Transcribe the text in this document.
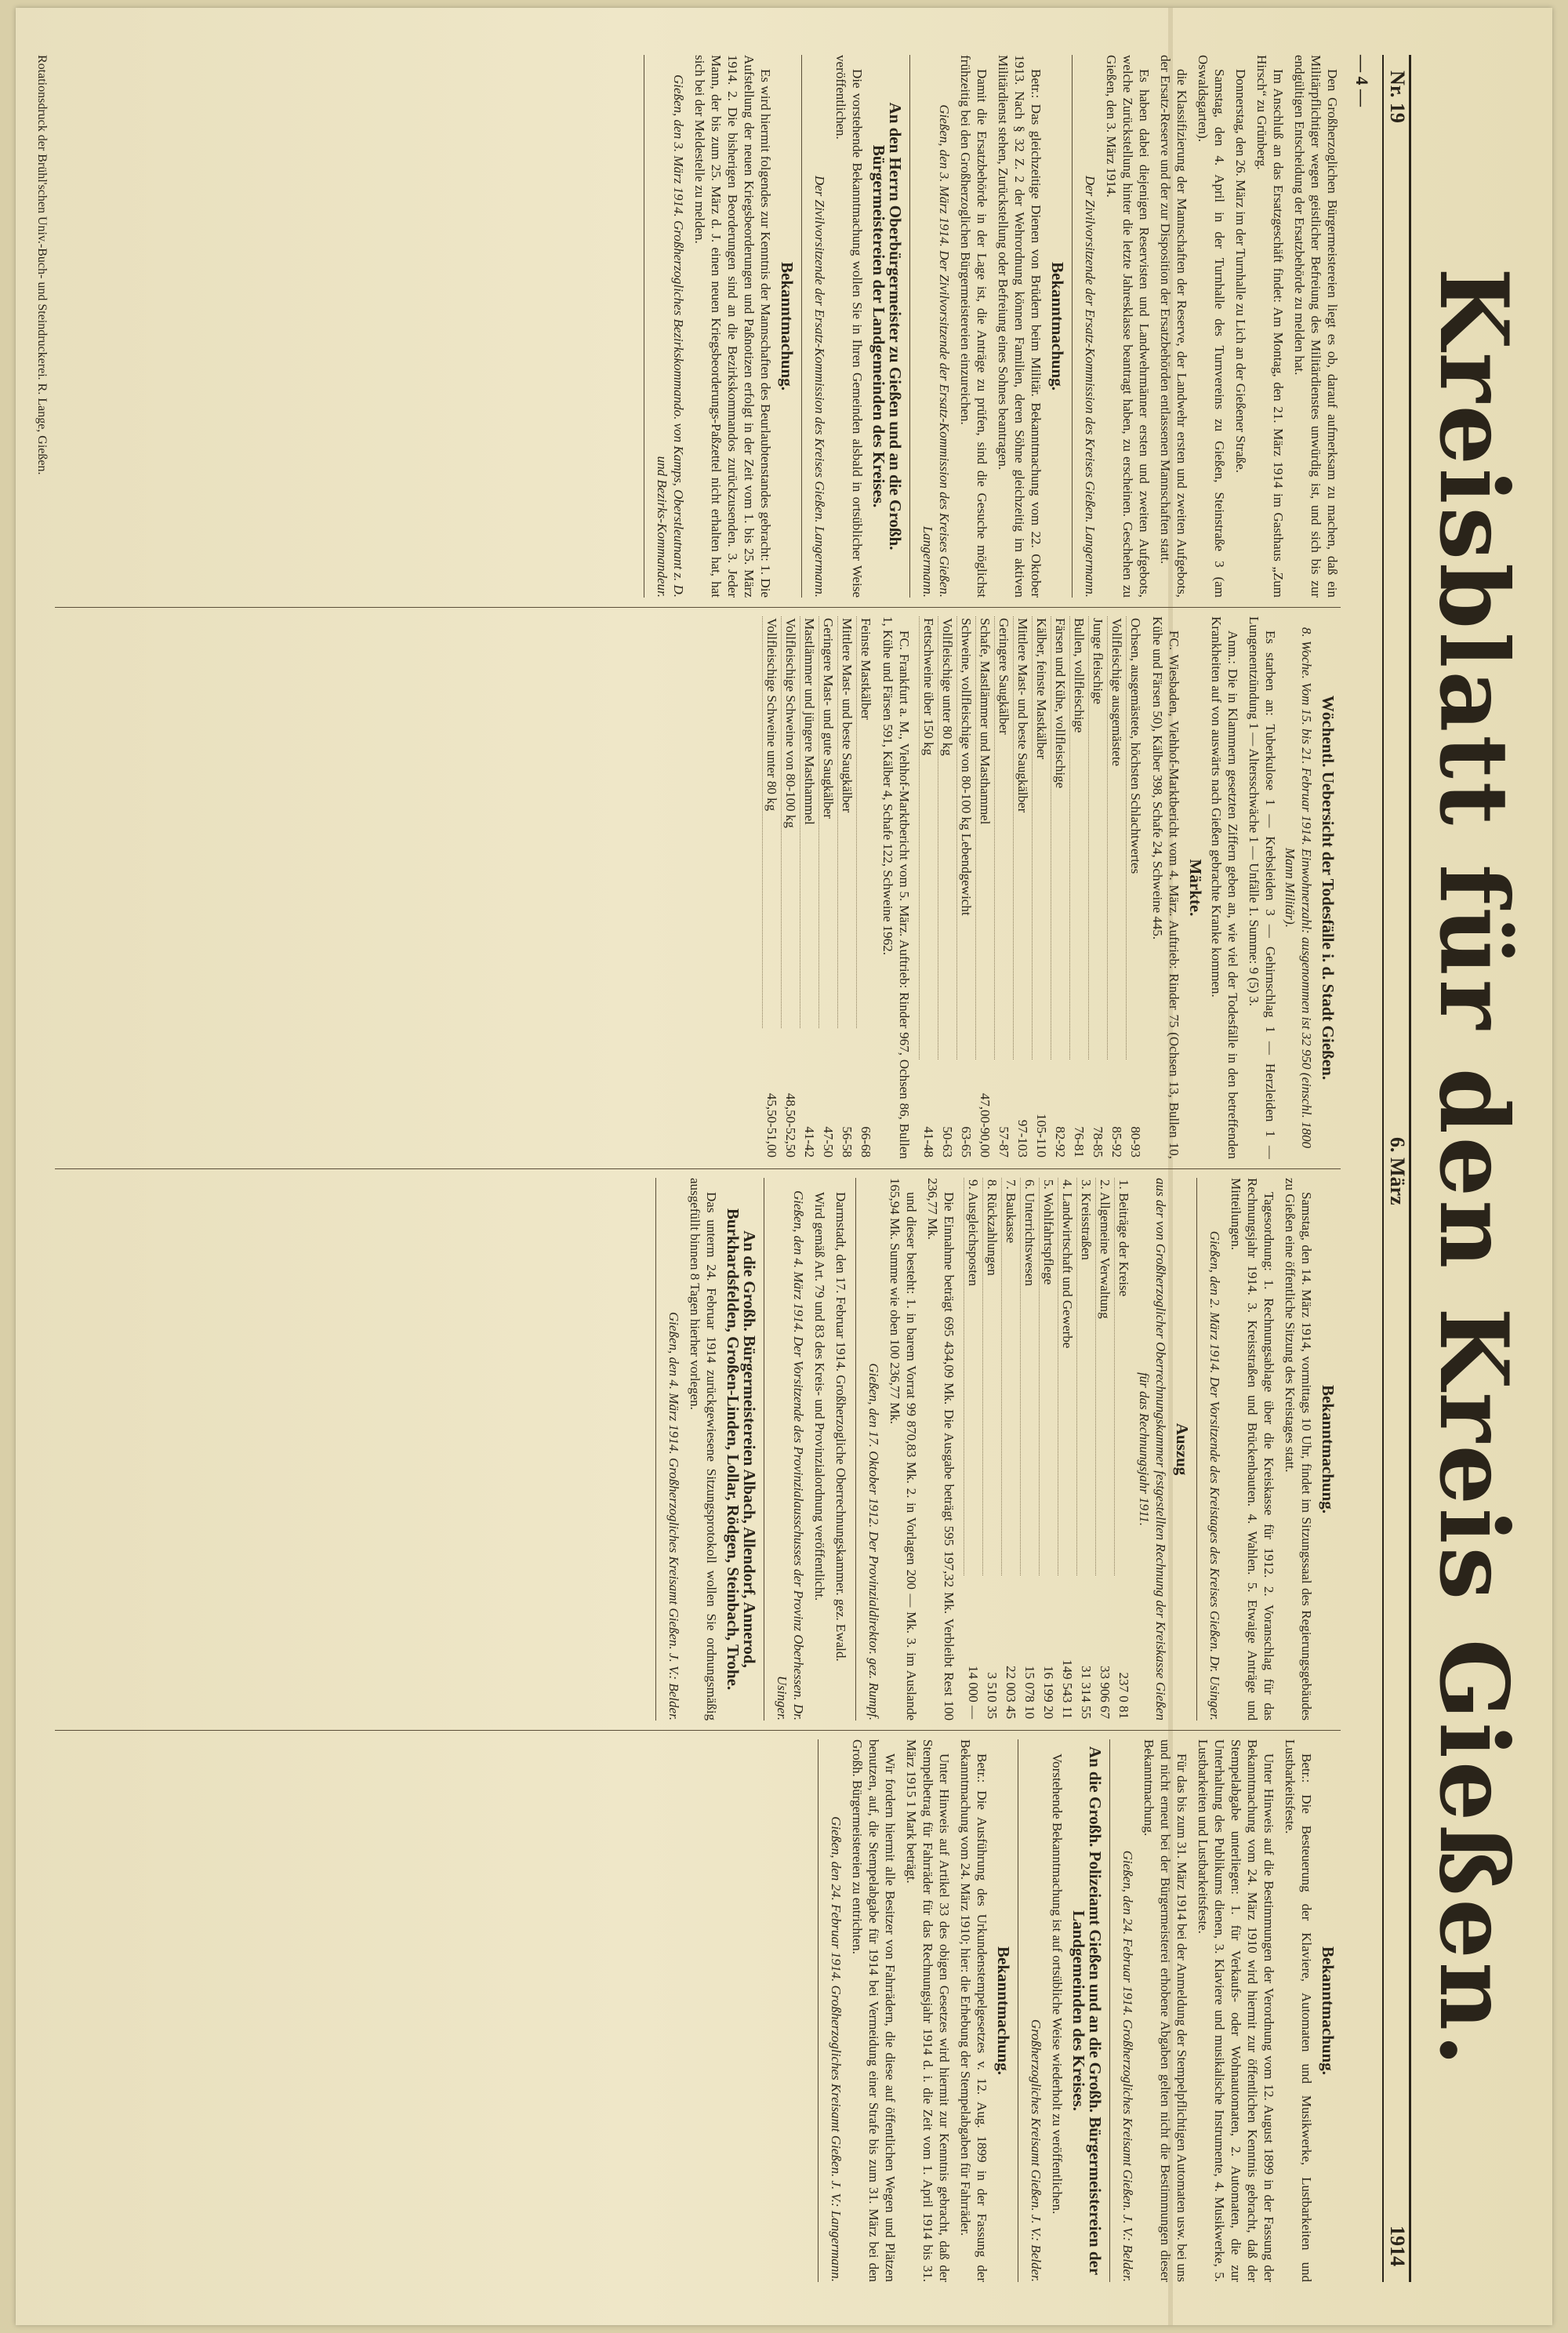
Kreisblatt für den Kreis Gießen.
Nr. 19
6. März
1914
— 4 —
Den Großherzoglichen Bürgermeistereien liegt es ob, darauf aufmerksam zu machen, daß ein Militärpflichtiger wegen geistlicher Befreiung des Militärdienstes unwürdig ist, und sich bis zur endgültigen Entscheidung der Ersatzbehörde zu melden hat.
Im Anschluß an das Ersatzgeschäft findet: Am Montag, den 21. März 1914 im Gasthaus „Zum Hirsch“ zu Grünberg.
Donnerstag, den 26. März im der Turnhalle zu Lich an der Gießener Straße.
Samstag, den 4. April in der Turnhalle des Turnvereins zu Gießen, Steinstraße 3 (am Oswaldsgarten).
die Klassifizierung der Mannschaften der Reserve, der Landwehr ersten und zweiten Aufgebots, der Ersatz-Reserve und der zur Disposition der Ersatzbehörden entlassenen Mannschaften statt.
Es haben dabei diejenigen Reservisten und Landwehrmänner ersten und zweiten Aufgebots, welche Zurückstellung hinter die letzte Jahresklasse beantragt haben, zu erscheinen. Geschehen zu Gießen, den 3. März 1914.
Der Zivilvorsitzende der Ersatz-Kommission des Kreises Gießen. Langermann.
Bekanntmachung.
Betr.: Das gleichzeitige Dienen von Brüdern beim Militär. Bekanntmachung vom 22. Oktober 1913. Nach § 32 Z. 2 der Wehrordnung können Familien, deren Söhne gleichzeitig im aktiven Militärdienst stehen, Zurückstellung oder Befreiung eines Sohnes beantragen.
Damit die Ersatzbehörde in der Lage ist, die Anträge zu prüfen, sind die Gesuche möglichst frühzeitig bei den Großherzoglichen Bürgermeistereien einzureichen.
Gießen, den 3. März 1914. Der Zivilvorsitzende der Ersatz-Kommission des Kreises Gießen. Langermann.
An den Herrn Oberbürgermeister zu Gießen und an die Großh. Bürgermeistereien der Landgemeinden des Kreises.
Die vorstehende Bekanntmachung wollen Sie in Ihren Gemeinden alsbald in ortsüblicher Weise veröffentlichen.
Der Zivilvorsitzende der Ersatz-Kommission des Kreises Gießen. Langermann.
Bekanntmachung.
Es wird hiermit folgendes zur Kenntnis der Mannschaften des Beurlaubtenstandes gebracht: 1. Die Aufstellung der neuen Kriegsbeorderungen und Paßnotizen erfolgt in der Zeit vom 1. bis 25. März 1914. 2. Die bisherigen Beorderungen sind an die Bezirkskommandos zurückzusenden. 3. Jeder Mann, der bis zum 25. März d. J. einen neuen Kriegsbeorderungs-Paßzettel nicht erhalten hat, hat sich bei der Meldestelle zu melden.
Gießen, den 3. März 1914. Großherzogliches Bezirkskommando. von Kamps, Oberstleutnant z. D. und Bezirks-Kommandeur.
Wöchentl. Uebersicht der Todesfälle i. d. Stadt Gießen.
8. Woche. Vom 15. bis 21. Februar 1914. Einwohnerzahl: ausgenommen ist 32 950 (einschl. 1800 Mann Militär).
Es starben an: Tuberkulose 1 — Krebsleiden 3 — Gehirnschlag 1 — Herzleiden 1 — Lungenentzündung 1 — Altersschwäche 1 — Unfälle 1. Summe: 9 (5) 3.
Anm.: Die in Klammern gesetzten Ziffern geben an, wie viel der Todesfälle in den betreffenden Krankheiten auf von auswärts nach Gießen gebrachte Kranke kommen.
Märkte.
FC. Wiesbaden, Viehhof-Marktbericht vom 4. März. Auftrieb: Rinder 75 (Ochsen 13, Bullen 10, Kühe und Färsen 50), Kälber 398, Schafe 24, Schweine 445.
Ochsen, ausgemästete, höchsten Schlachtwertes	80-93
Vollfleischige ausgemästete	85-92
Junge fleischige	78-85
Bullen, vollfleischige	76-81
Färsen und Kühe, vollfleischige	82-92
Kälber, feinste Mastkälber	105-110
Mittlere Mast- und beste Saugkälber	97-103
Geringere Saugkälber	57-87
Schafe, Mastlämmer und Masthammel	47,00-90,00
Schweine, vollfleischige von 80-100 kg Lebendgewicht	63-65
Vollfleischige unter 80 kg	50-63
Fettschweine über 150 kg	41-48
FC. Frankfurt a. M., Viehhof-Marktbericht vom 5. März. Auftrieb: Rinder 967, Ochsen 86, Bullen 1, Kühe und Färsen 591, Kälber 4, Schafe 122, Schweine 1962.
Feinste Mastkälber	66-68
Mittlere Mast- und beste Saugkälber	56-58
Geringere Mast- und gute Saugkälber	47-50
Mastlämmer und jüngere Masthammel	41-42
Vollfleischige Schweine von 80-100 kg	48,50-52,50
Vollfleischige Schweine unter 80 kg	45,50-51,00
Bekanntmachung.
Samstag, den 14. März 1914, vormittags 10 Uhr, findet im Sitzungssaal des Regierungsgebäudes zu Gießen eine öffentliche Sitzung des Kreistages statt.
Tagesordnung: 1. Rechnungsablage über die Kreiskasse für 1912. 2. Voranschlag für das Rechnungsjahr 1914. 3. Kreisstraßen und Brückenbauten. 4. Wahlen. 5. Etwaige Anträge und Mitteilungen.
Gießen, den 2. März 1914. Der Vorsitzende des Kreistages des Kreises Gießen. Dr. Usinger.
Auszug
aus der von Großherzoglicher Oberrechnungskammer festgestellten Rechnung der Kreiskasse Gießen für das Rechnungsjahr 1911.
1. Beiträge der Kreise	237 0 81
2. Allgemeine Verwaltung	33 906 67
3. Kreisstraßen	31 314 55
4. Landwirtschaft und Gewerbe	149 543 11
5. Wohlfahrtspflege	16 199 20
6. Unterrichtswesen	15 078 10
7. Baukasse	22 003 45
8. Rückzahlungen	3 510 35
9. Ausgleichsposten	14 000 —
Die Einnahme beträgt 695 434,09 Mk. Die Ausgabe beträgt 595 197,32 Mk. Verbleibt Rest 100 236,77 Mk.
und dieser besteht: 1. in barem Vorrat 99 870,83 Mk. 2. in Vorlagen 200 — Mk. 3. im Auslande 165,94 Mk. Summe wie oben 100 236,77 Mk.
Gießen, den 17. Oktober 1912. Der Provinzialdirektor. gez. Rumpf.
Darmstadt, den 17. Februar 1914. Großherzogliche Oberrechnungskammer. gez. Ewald.
Wird gemäß Art. 79 und 83 des Kreis- und Provinzialordnung veröffentlicht.
Gießen, den 4. März 1914. Der Vorsitzende des Provinzialausschusses der Provinz Oberhessen. Dr. Usinger.
An die Großh. Bürgermeistereien Albach, Allendorf, Annerod, Burkhardsfelden, Großen-Linden, Lollar, Rödgen, Steinbach, Trohe.
Das unterm 24. Februar 1914 zurückgewiesene Sitzungsprotokoll wollen Sie ordnungsmäßig ausgefüllt binnen 8 Tagen hierher vorlegen.
Gießen, den 4. März 1914. Großherzogliches Kreisamt Gießen. J. V.: Belder.
Bekanntmachung.
Betr.: Die Besteuerung der Klaviere, Automaten und Musikwerke, Lustbarkeiten und Lustbarkeitsfeste.
Unter Hinweis auf die Bestimmungen der Verordnung vom 12. August 1899 in der Fassung der Bekanntmachung vom 24. März 1910 wird hiermit zur öffentlichen Kenntnis gebracht, daß der Stempelabgabe unterliegen: 1. für Verkaufs- oder Wohnautomaten, 2. Automaten, die zur Unterhaltung des Publikums dienen, 3. Klaviere und musikalische Instrumente, 4. Musikwerke, 5. Lustbarkeiten und Lustbarkeitsfeste.
Für das bis zum 31. März 1914 bei der Anmeldung der Stempelpflichtigen Automaten usw. bei uns und nicht erneut bei der Bürgermeisterei erhobene Abgaben gelten nicht die Bestimmungen dieser Bekanntmachung.
Gießen, den 24. Februar 1914. Großherzogliches Kreisamt Gießen. J. V.: Belder.
An die Großh. Polizeiamt Gießen und an die Großh. Bürgermeistereien der Landgemeinden des Kreises.
Vorstehende Bekanntmachung ist auf ortsübliche Weise wiederholt zu veröffentlichen.
Großherzogliches Kreisamt Gießen. J. V.: Belder.
Bekanntmachung.
Betr.: Die Ausführung des Urkundenstempelgesetzes v. 12. Aug. 1899 in der Fassung der Bekanntmachung vom 24. März 1910; hier: die Erhebung der Stempelabgaben für Fahrräder.
Unter Hinweis auf Artikel 33 des obigen Gesetzes wird hiermit zur Kenntnis gebracht, daß der Stempelbetrag für Fahrräder für das Rechnungsjahr 1914 d. i. die Zeit vom 1. April 1914 bis 31. März 1915 1 Mark beträgt.
Wir fordern hiermit alle Besitzer von Fahrrädern, die diese auf öffentlichen Wegen und Plätzen benutzen, auf, die Stempelabgabe für 1914 bei Vermeidung einer Strafe bis zum 31. März bei den Großh. Bürgermeistereien zu entrichten.
Gießen, den 24. Februar 1914. Großherzogliches Kreisamt Gießen. J. V.: Langermann.
Rotationsdruck der Brühl'schen Univ.-Buch- und Steindruckerei. R. Lange, Gießen.
